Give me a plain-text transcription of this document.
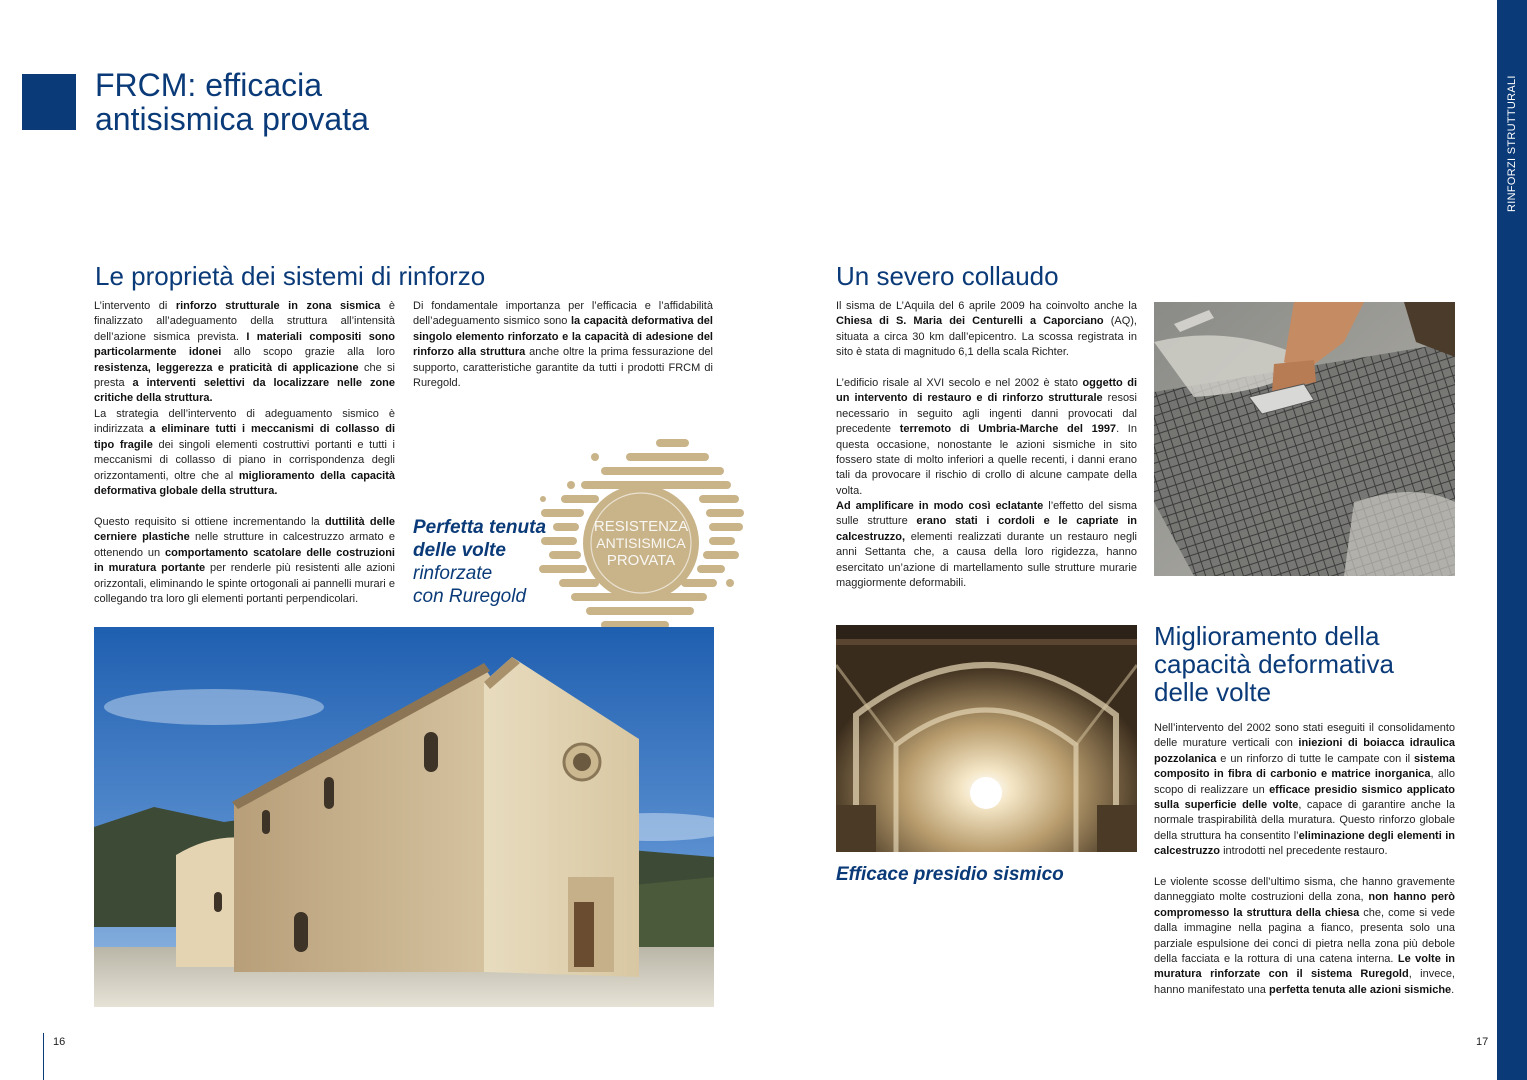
FRCM: efficacia
antisismica provata	RINFORZI STRUTTURALI
Le proprietà dei sistemi di rinforzo

L’intervento di rinforzo strutturale in zona sismica è finalizzato all’adeguamento della struttura all’intensità dell’azione sismica prevista. I materiali compositi sono particolarmente idonei allo scopo grazie alla loro resistenza, leggerezza e praticità di applicazione che si presta a interventi selettivi da localizzare nelle zone critiche della struttura.

La strategia dell’intervento di adeguamento sismico è indirizzata a eliminare tutti i meccanismi di collasso di tipo fragile dei singoli elementi costruttivi portanti e tutti i meccanismi di collasso di piano in corrispondenza degli orizzontamenti, oltre che al miglioramento della capacità deformativa globale della struttura.

Questo requisito si ottiene incrementando la duttilità delle cerniere plastiche nelle strutture in calcestruzzo armato e ottenendo un comportamento scatolare delle costruzioni in muratura portante per renderle più resistenti alle azioni orizzontali, eliminando le spinte ortogonali ai pannelli murari e collegando tra loro gli elementi portanti perpendicolari.

Di fondamentale importanza per l’efficacia e l’affidabilità dell’adeguamento sismico sono la capacità deformativa del singolo elemento rinforzato e la capacità di adesione del rinforzo alla struttura anche oltre la prima fessurazione del supporto, caratteristiche garantite da tutti i prodotti FRCM di Ruregold.

Perfetta tenuta
delle volte
rinforzate
con Ruregold
RESISTENZA
ANTISISMICA
PROVATA
16
Un severo collaudo

Il sisma de L’Aquila del 6 aprile 2009 ha coinvolto anche la Chiesa di S. Maria dei Centurelli a Caporciano (AQ), situata a circa 30 km dall’epicentro. La scossa registrata in sito è stata di magnitudo 6,1 della scala Richter.

L’edificio risale al XVI secolo e nel 2002 è stato oggetto di un intervento di restauro e di rinforzo strutturale resosi necessario in seguito agli ingenti danni provocati dal precedente terremoto di Umbria-Marche del 1997. In questa occasione, nonostante le azioni sismiche in sito fossero state di molto inferiori a quelle recenti, i danni erano tali da provocare il rischio di crollo di alcune campate della volta.

Ad amplificare in modo così eclatante l’effetto del sisma sulle strutture erano stati i cordoli e le capriate in calcestruzzo, elementi realizzati durante un restauro negli anni Settanta che, a causa della loro rigidezza, hanno esercitato un’azione di martellamento sulle strutture murarie maggiormente deformabili.

Efficace presidio sismico
Miglioramento della
capacità deformativa
delle volte

Nell’intervento del 2002 sono stati eseguiti il consolidamento delle murature verticali con iniezioni di boiacca idraulica pozzolanica e un rinforzo di tutte le campate con il sistema composito in fibra di carbonio e matrice inorganica, allo scopo di realizzare un efficace presidio sismico applicato sulla superficie delle volte, capace di garantire anche la normale traspirabilità della muratura. Questo rinforzo globale della struttura ha consentito l’eliminazione degli elementi in calcestruzzo introdotti nel precedente restauro.

Le violente scosse dell’ultimo sisma, che hanno gravemente danneggiato molte costruzioni della zona, non hanno però compromesso la struttura della chiesa che, come si vede dalla immagine nella pagina a fianco, presenta solo una parziale espulsione dei conci di pietra nella zona più debole della facciata e la rottura di una catena interna. Le volte in muratura rinforzate con il sistema Ruregold, invece, hanno manifestato una perfetta tenuta alle azioni sismiche.

17
